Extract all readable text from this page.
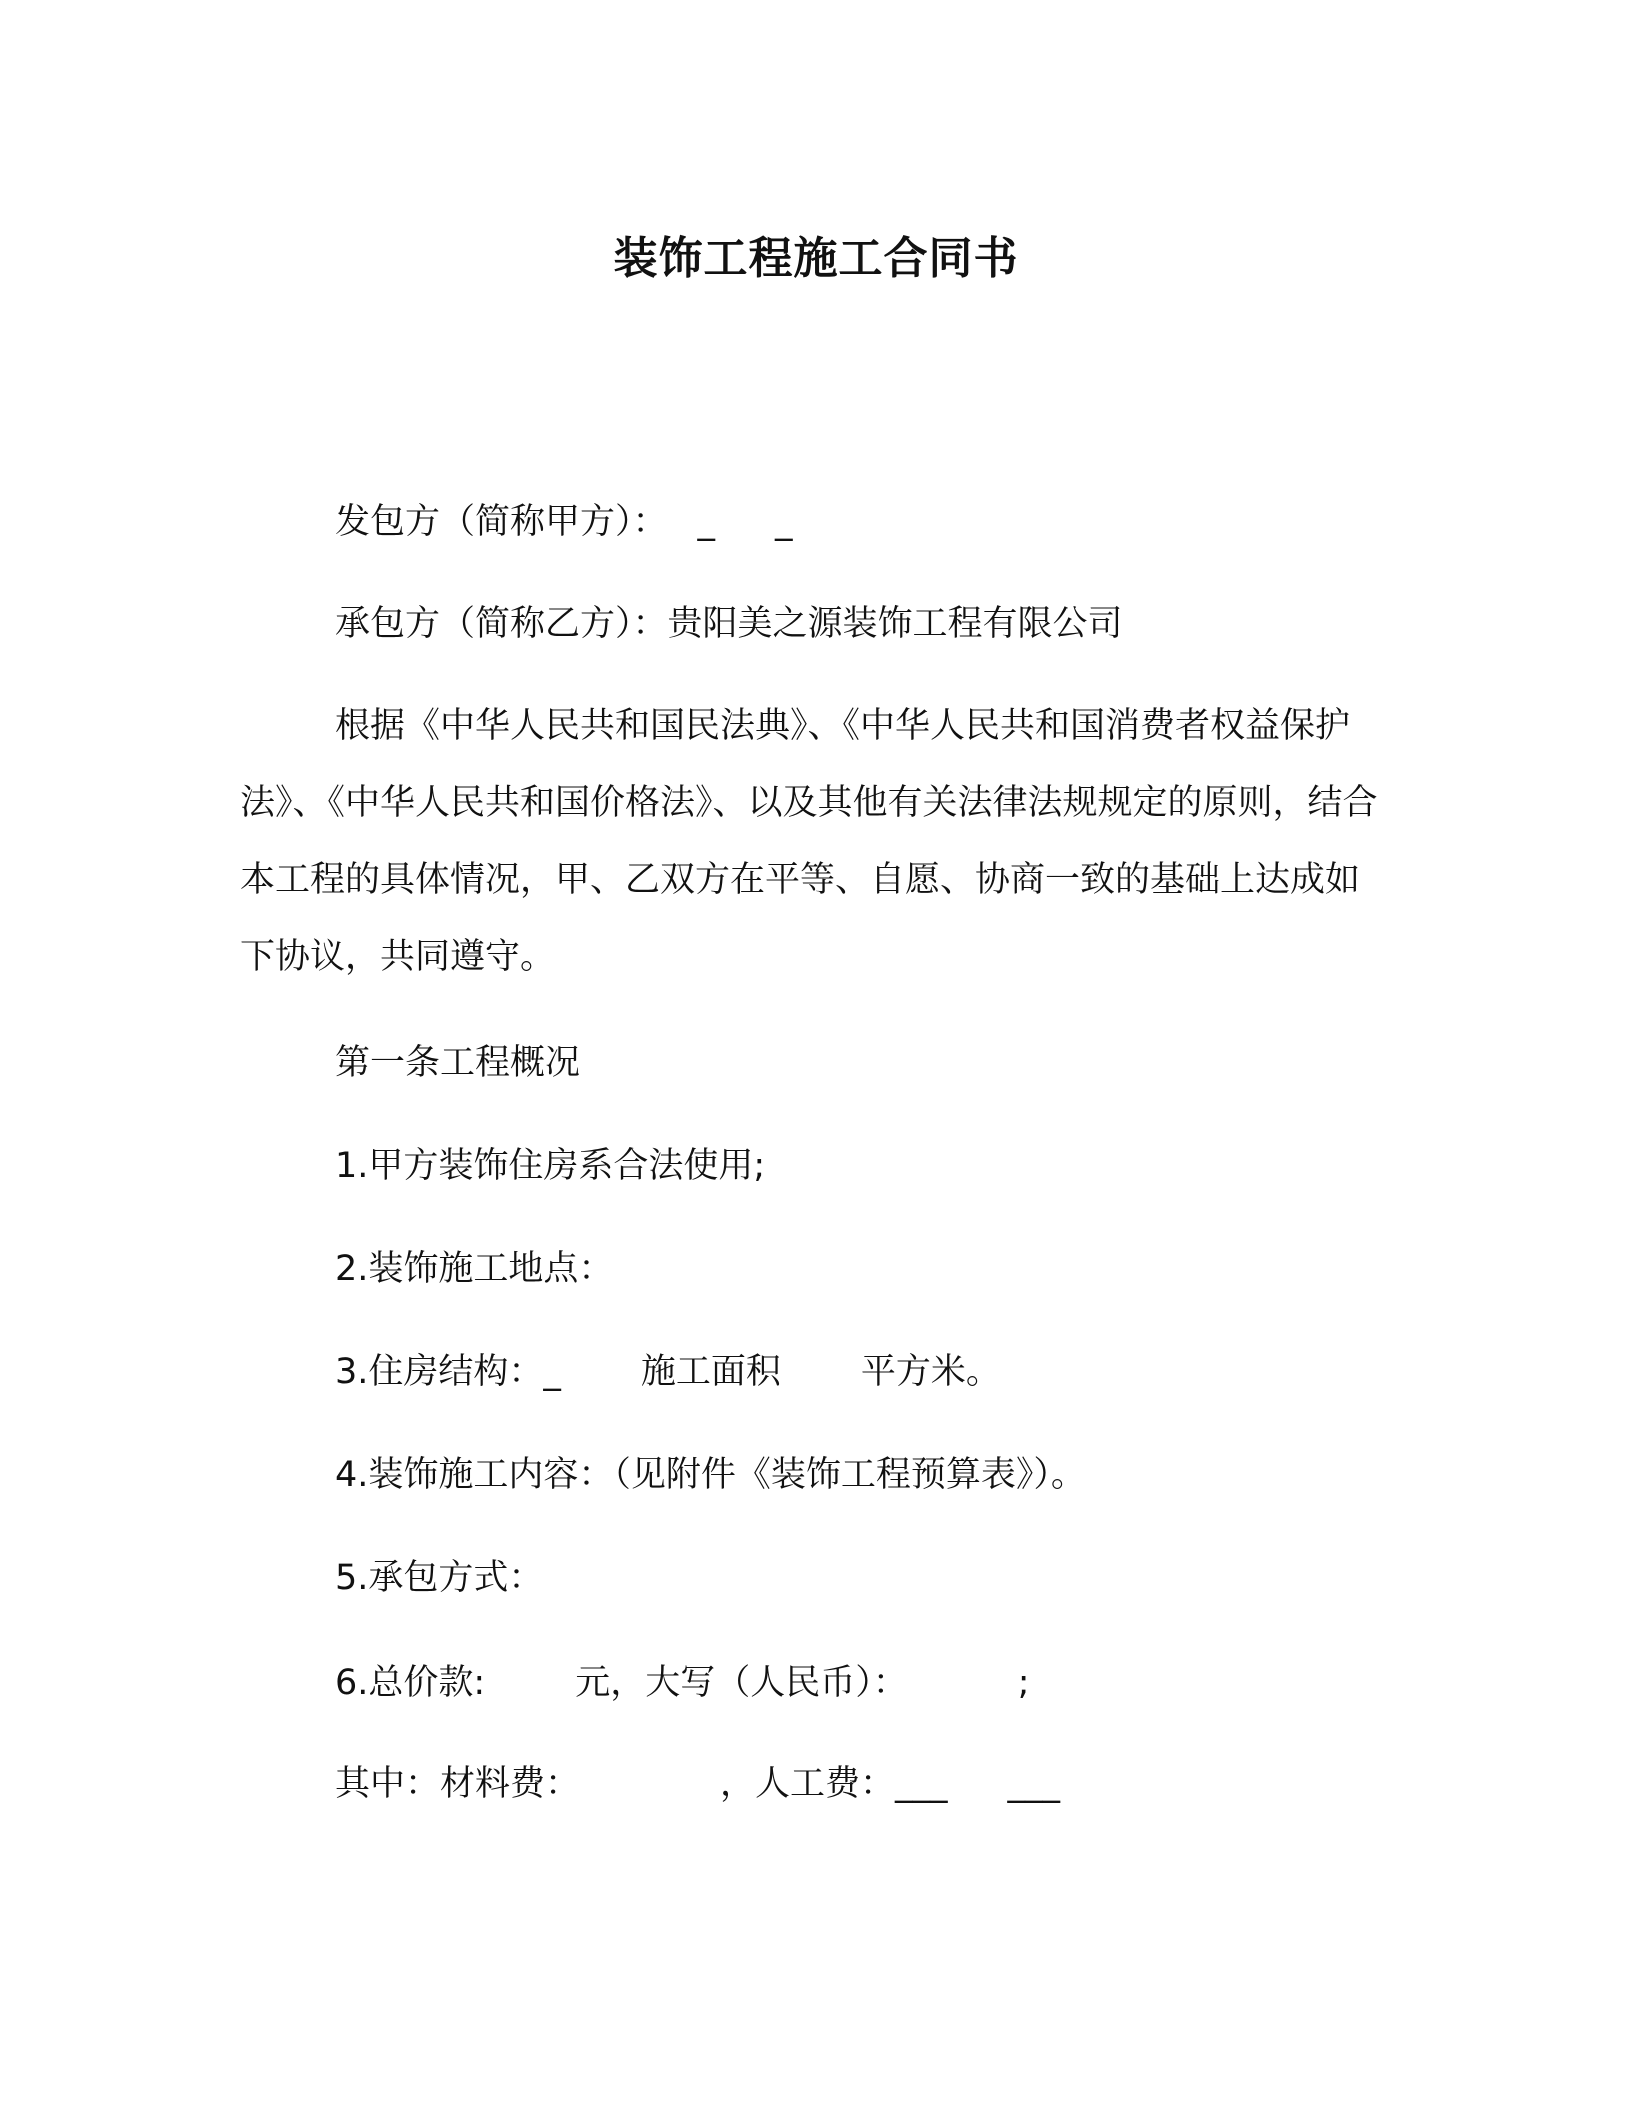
装饰工程施工合同书
发包方（简称甲方）： _ _
承包方（简称乙方）：贵阳美之源装饰工程有限公司
根据《中华人民共和国民法典》、《中华人民共和国消费者权益保护法》、《中华人民共和国价格法》、以及其他有关法律法规规定的原则，结合本工程的具体情况，甲、乙双方在平等、自愿、协商一致的基础上达成如下协议，共同遵守。
第一条工程概况
1.甲方装饰住房系合法使用;
2.装饰施工地点：
3.住房结构：_ 施工面积 平方米。
4.装饰施工内容：（见附件《装饰工程预算表》）。
5.承包方式：
6.总价款:	元，大写（人民币）：	;
其中：材料费：	，人工费：___ ___
